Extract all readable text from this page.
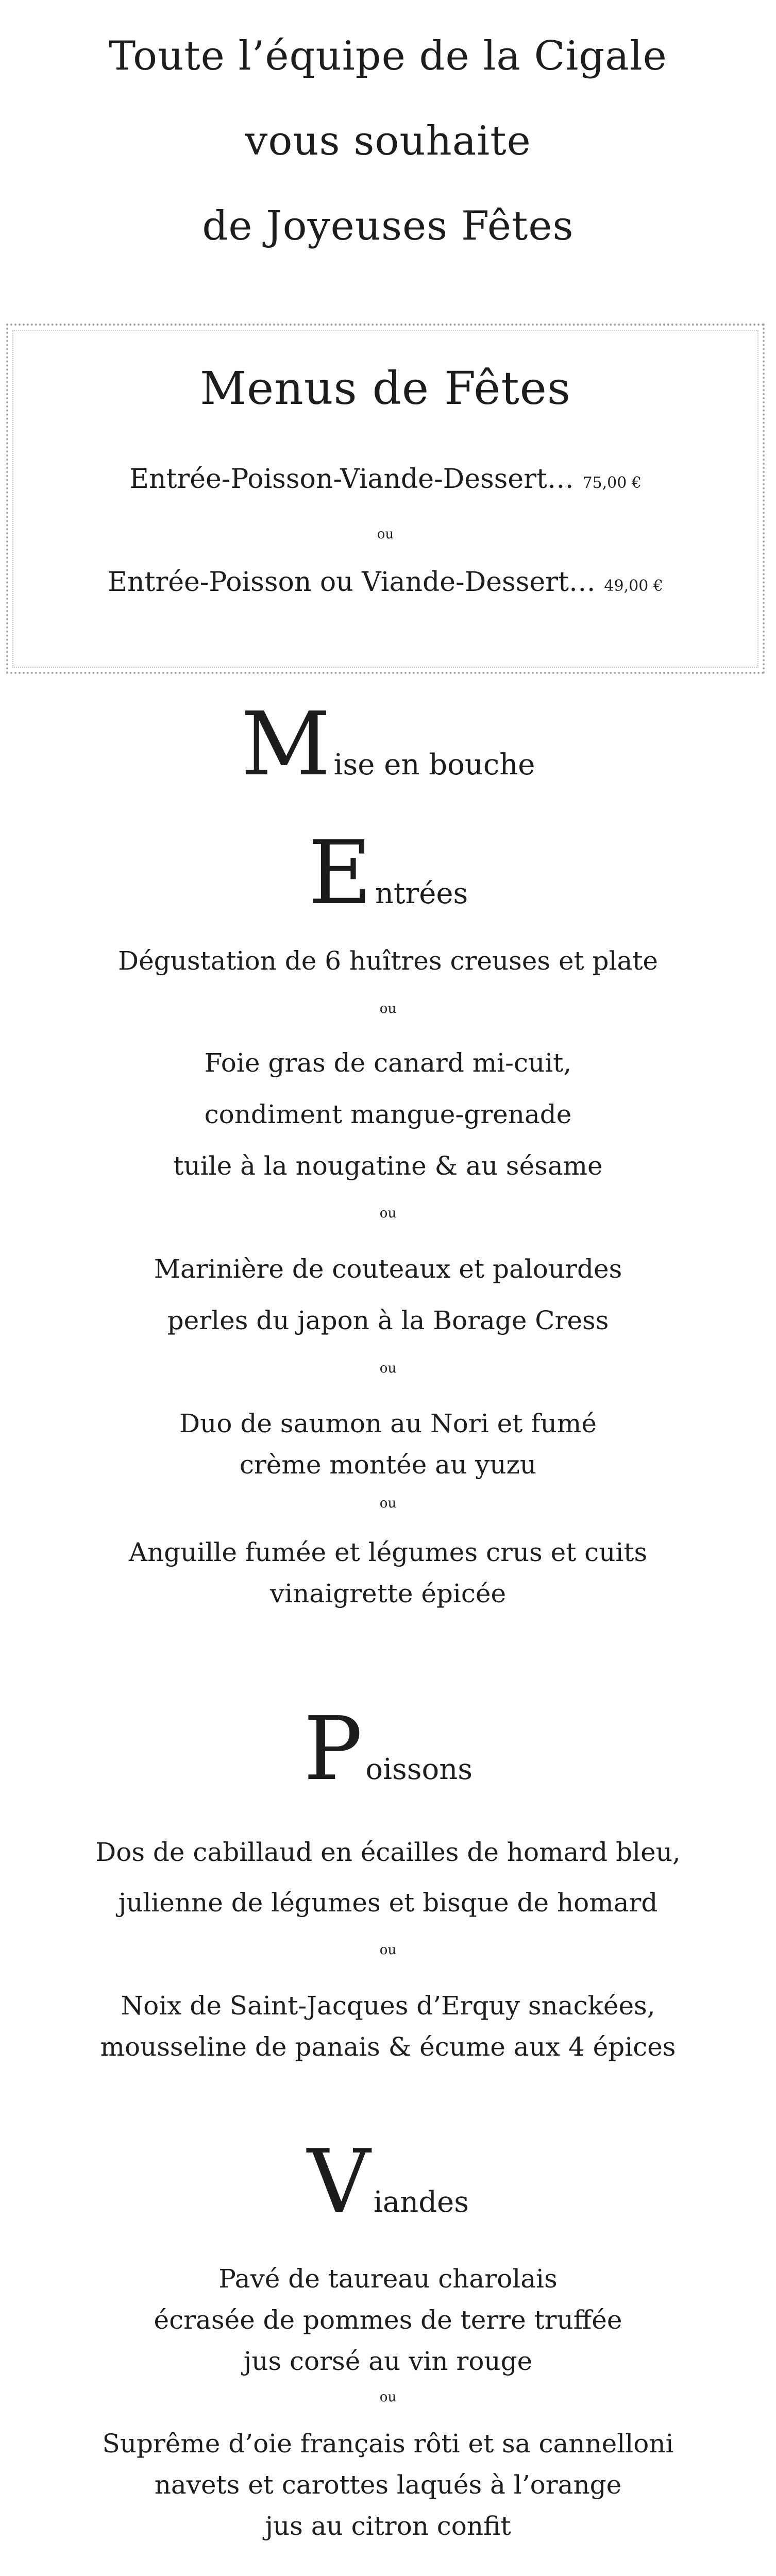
Toute l’équipe de la Cigale
vous souhaite
de Joyeuses Fêtes
Menus de Fêtes
Entrée-Poisson-Viande-Dessert… 75,00 €
ou
Entrée-Poisson ou Viande-Dessert… 49,00 €
M ise en bouche
E ntrées
Dégustation de 6 huîtres creuses et plate
ou
Foie gras de canard mi-cuit,
condiment mangue-grenade
tuile à la nougatine & au sésame
ou
Marinière de couteaux et palourdes
perles du japon à la Borage Cress
ou
Duo de saumon au Nori et fumé
crème montée au yuzu
ou
Anguille fumée et légumes crus et cuits
vinaigrette épicée
P oissons
Dos de cabillaud en écailles de homard bleu,
julienne de légumes et bisque de homard
ou
Noix de Saint-Jacques d’Erquy snackées,
mousseline de panais & écume aux 4 épices
V iandes
Pavé de taureau charolais
écrasée de pommes de terre truffée
jus corsé au vin rouge
ou
Suprême d’oie français rôti et sa cannelloni
navets et carottes laqués à l’orange
jus au citron confit
